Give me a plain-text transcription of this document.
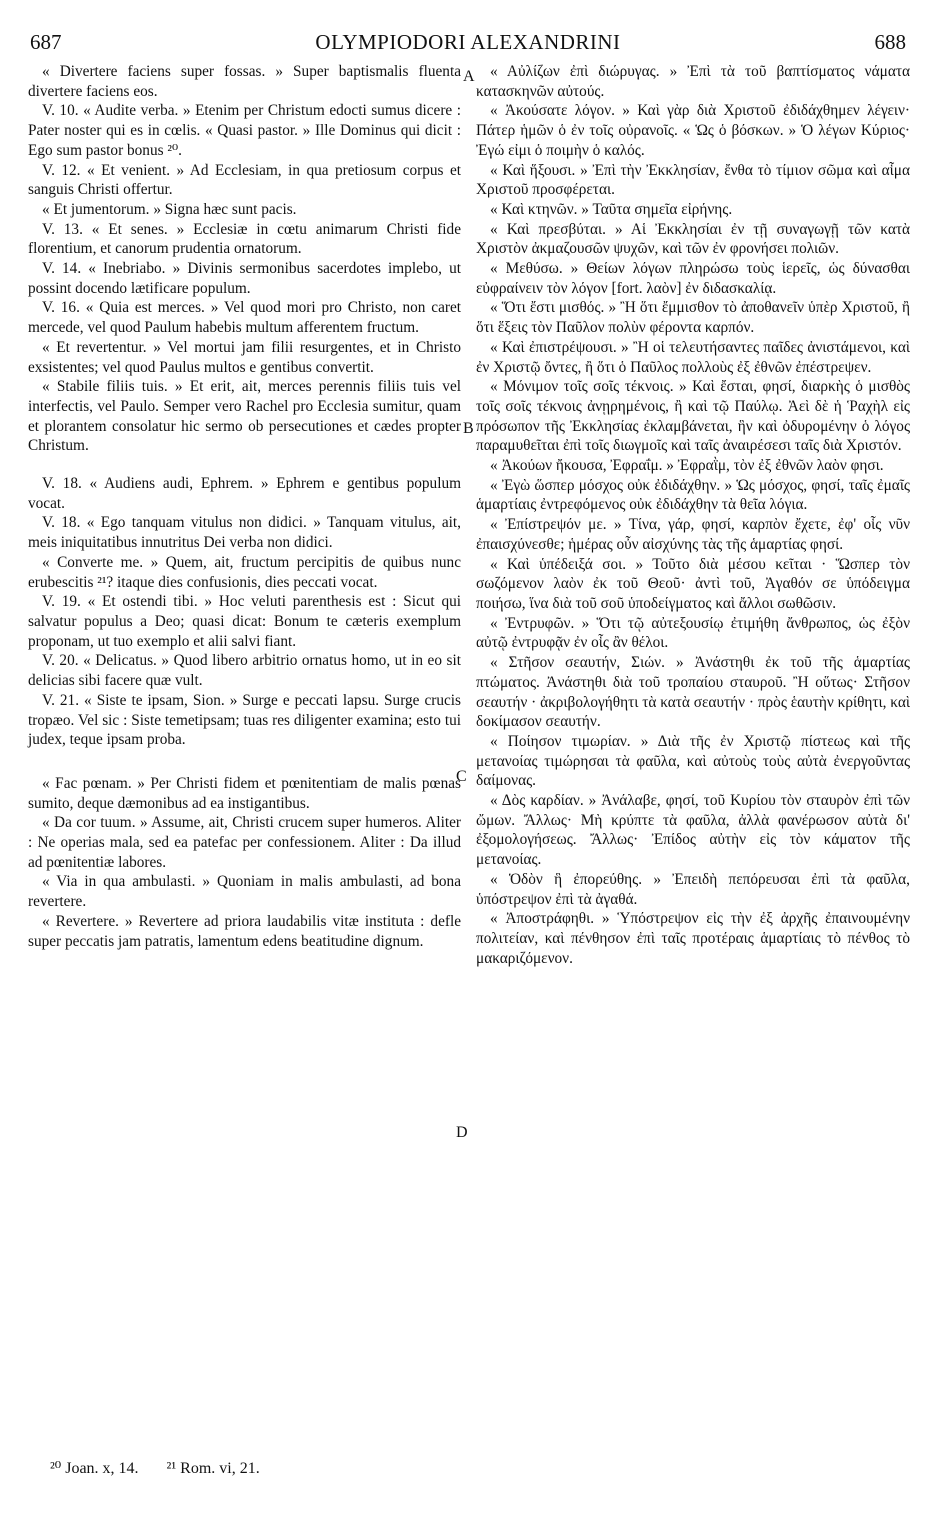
687	OLYMPIODORI ALEXANDRINI	688
A
B
C
D

« Divertere faciens super fossas. » Super baptismalis fluenta divertere faciens eos.

V. 10. « Audite verba. » Etenim per Christum edocti sumus dicere : Pater noster qui es in cœlis. « Quasi pastor. » Ille Dominus qui dicit : Ego sum pastor bonus ²⁰.

V. 12. « Et venient. » Ad Ecclesiam, in qua pretiosum corpus et sanguis Christi offertur.

« Et jumentorum. » Signa hæc sunt pacis.

V. 13. « Et senes. » Ecclesiæ in cœtu animarum Christi fide florentium, et canorum prudentia ornatorum.

V. 14. « Inebriabo. » Divinis sermonibus sacerdotes implebo, ut possint docendo lætificare populum.

V. 16. « Quia est merces. » Vel quod mori pro Christo, non caret mercede, vel quod Paulum habebis multum afferentem fructum.

« Et revertentur. » Vel mortui jam filii resurgentes, et in Christo exsistentes; vel quod Paulus multos e gentibus convertit.

« Stabile filiis tuis. » Et erit, ait, merces perennis filiis tuis vel interfectis, vel Paulo. Semper vero Rachel pro Ecclesia sumitur, quam et plorantem consolatur hic sermo ob persecutiones et cædes propter Christum.

V. 18. « Audiens audi, Ephrem. » Ephrem e gentibus populum vocat.

V. 18. « Ego tanquam vitulus non didici. » Tanquam vitulus, ait, meis iniquitatibus innutritus Dei verba non didici.

« Converte me. » Quem, ait, fructum percipitis de quibus nunc erubescitis ²¹? itaque dies confusionis, dies peccati vocat.

V. 19. « Et ostendi tibi. » Hoc veluti parenthesis est : Sicut qui salvatur populus a Deo; quasi dicat: Bonum te cæteris exemplum proponam, ut tuo exemplo et alii salvi fiant.

V. 20. « Delicatus. » Quod libero arbitrio ornatus homo, ut in eo sit delicias sibi facere quæ vult.

V. 21. « Siste te ipsam, Sion. » Surge e peccati lapsu. Surge crucis tropæo. Vel sic : Siste temetipsam; tuas res diligenter examina; esto tui judex, teque ipsam proba.

« Fac pœnam. » Per Christi fidem et pœnitentiam de malis pœnas sumito, deque dæmonibus ad ea instigantibus.

« Da cor tuum. » Assume, ait, Christi crucem super humeros. Aliter : Ne operias mala, sed ea patefac per confessionem. Aliter : Da illud ad pœnitentiæ labores.

« Via in qua ambulasti. » Quoniam in malis ambulasti, ad bona revertere.

« Revertere. » Revertere ad priora laudabilis vitæ instituta : defle super peccatis jam patratis, lamentum edens beatitudine dignum.

« Αὐλίζων ἐπὶ διώρυγας. » Ἐπὶ τὰ τοῦ βαπτίσματος νάματα κατασκηνῶν αὐτούς.

« Ἀκούσατε λόγον. » Καὶ γὰρ διὰ Χριστοῦ ἐδιδάχθημεν λέγειν· Πάτερ ἡμῶν ὁ ἐν τοῖς οὐρανοῖς. « Ὡς ὁ βόσκων. » Ὁ λέγων Κύριος· Ἐγώ εἰμι ὁ ποιμὴν ὁ καλός.

« Καὶ ἥξουσι. » Ἐπὶ τὴν Ἐκκλησίαν, ἔνθα τὸ τίμιον σῶμα καὶ αἷμα Χριστοῦ προσφέρεται.

« Καὶ κτηνῶν. » Ταῦτα σημεῖα εἰρήνης.

« Καὶ πρεσβύται. » Αἱ Ἐκκλησίαι ἐν τῇ συναγωγῇ τῶν κατὰ Χριστὸν ἀκμαζουσῶν ψυχῶν, καὶ τῶν ἐν φρονήσει πολιῶν.

« Μεθύσω. » Θείων λόγων πληρώσω τοὺς ἱερεῖς, ὡς δύνασθαι εὐφραίνειν τὸν λόγον [fort. λαὸν] ἐν διδασκαλίᾳ.

« Ὅτι ἔστι μισθός. » Ἢ ὅτι ἔμμισθον τὸ ἀποθανεῖν ὑπὲρ Χριστοῦ, ἢ ὅτι ἕξεις τὸν Παῦλον πολὺν φέροντα καρπόν.

« Καὶ ἐπιστρέψουσι. » Ἢ οἱ τελευτήσαντες παῖδες ἀνιστάμενοι, καὶ ἐν Χριστῷ ὄντες, ἢ ὅτι ὁ Παῦλος πολλοὺς ἐξ ἐθνῶν ἐπέστρεψεν.

« Μόνιμον τοῖς σοῖς τέκνοις. » Καὶ ἔσται, φησί, διαρκὴς ὁ μισθὸς τοῖς σοῖς τέκνοις ἀνῃρημένοις, ἢ καὶ τῷ Παύλῳ. Ἀεὶ δὲ ἡ Ῥαχὴλ εἰς πρόσωπον τῆς Ἐκκλησίας ἐκλαμβάνεται, ἣν καὶ ὀδυρομένην ὁ λόγος παραμυθεῖται ἐπὶ τοῖς διωγμοῖς καὶ ταῖς ἀναιρέσεσι ταῖς διὰ Χριστόν.

« Ἀκούων ἤκουσα, Ἐφραΐμ. » Ἐφραῒμ, τὸν ἐξ ἐθνῶν λαὸν φησι.

« Ἐγὼ ὥσπερ μόσχος οὐκ ἐδιδάχθην. » Ὡς μόσχος, φησί, ταῖς ἐμαῖς ἁμαρτίαις ἐντρεφόμενος οὐκ ἐδιδάχθην τὰ θεῖα λόγια.

« Ἐπίστρεψόν με. » Τίνα, γάρ, φησί, καρπὸν ἔχετε, ἐφ' οἷς νῦν ἐπαισχύνεσθε; ἡμέρας οὖν αἰσχύνης τὰς τῆς ἁμαρτίας φησί.

« Καὶ ὑπέδειξά σοι. » Τοῦτο διὰ μέσου κεῖται · Ὥσπερ τὸν σωζόμενον λαὸν ἐκ τοῦ Θεοῦ· ἀντὶ τοῦ, Ἀγαθόν σε ὑπόδειγμα ποιήσω, ἵνα διὰ τοῦ σοῦ ὑποδείγματος καὶ ἄλλοι σωθῶσιν.

« Ἐντρυφῶν. » Ὅτι τῷ αὐτεξουσίῳ ἐτιμήθη ἄνθρωπος, ὡς ἐξὸν αὐτῷ ἐντρυφᾷν ἐν οἷς ἂν θέλοι.

« Στῆσον σεαυτήν, Σιών. » Ἀνάστηθι ἐκ τοῦ τῆς ἁμαρτίας πτώματος. Ἀνάστηθι διὰ τοῦ τροπαίου σταυροῦ. Ἢ οὕτως· Στῆσον σεαυτήν · ἀκριβολογήθητι τὰ κατὰ σεαυτήν · πρὸς ἑαυτὴν κρίθητι, καὶ δοκίμασον σεαυτήν.

« Ποίησον τιμωρίαν. » Διὰ τῆς ἐν Χριστῷ πίστεως καὶ τῆς μετανοίας τιμώρησαι τὰ φαῦλα, καὶ αὐτοὺς τοὺς αὐτὰ ἐνεργοῦντας δαίμονας.

« Δὸς καρδίαν. » Ἀνάλαβε, φησί, τοῦ Κυρίου τὸν σταυρὸν ἐπὶ τῶν ὤμων. Ἄλλως· Μὴ κρύπτε τὰ φαῦλα, ἀλλὰ φανέρωσον αὐτὰ δι' ἐξομολογήσεως. Ἄλλως· Ἐπίδος αὐτὴν εἰς τὸν κάματον τῆς μετανοίας.

« Ὁδὸν ἣ ἐπορεύθης. » Ἐπειδὴ πεπόρευσαι ἐπὶ τὰ φαῦλα, ὑπόστρεψον ἐπὶ τὰ ἀγαθά.

« Ἀποστράφηθι. » Ὑπόστρεψον εἰς τὴν ἐξ ἀρχῆς ἐπαινουμένην πολιτείαν, καὶ πένθησον ἐπὶ ταῖς προτέραις ἁμαρτίαις τὸ πένθος τὸ μακαριζόμενον.

²⁰ Joan. x, 14. ²¹ Rom. vi, 21.
